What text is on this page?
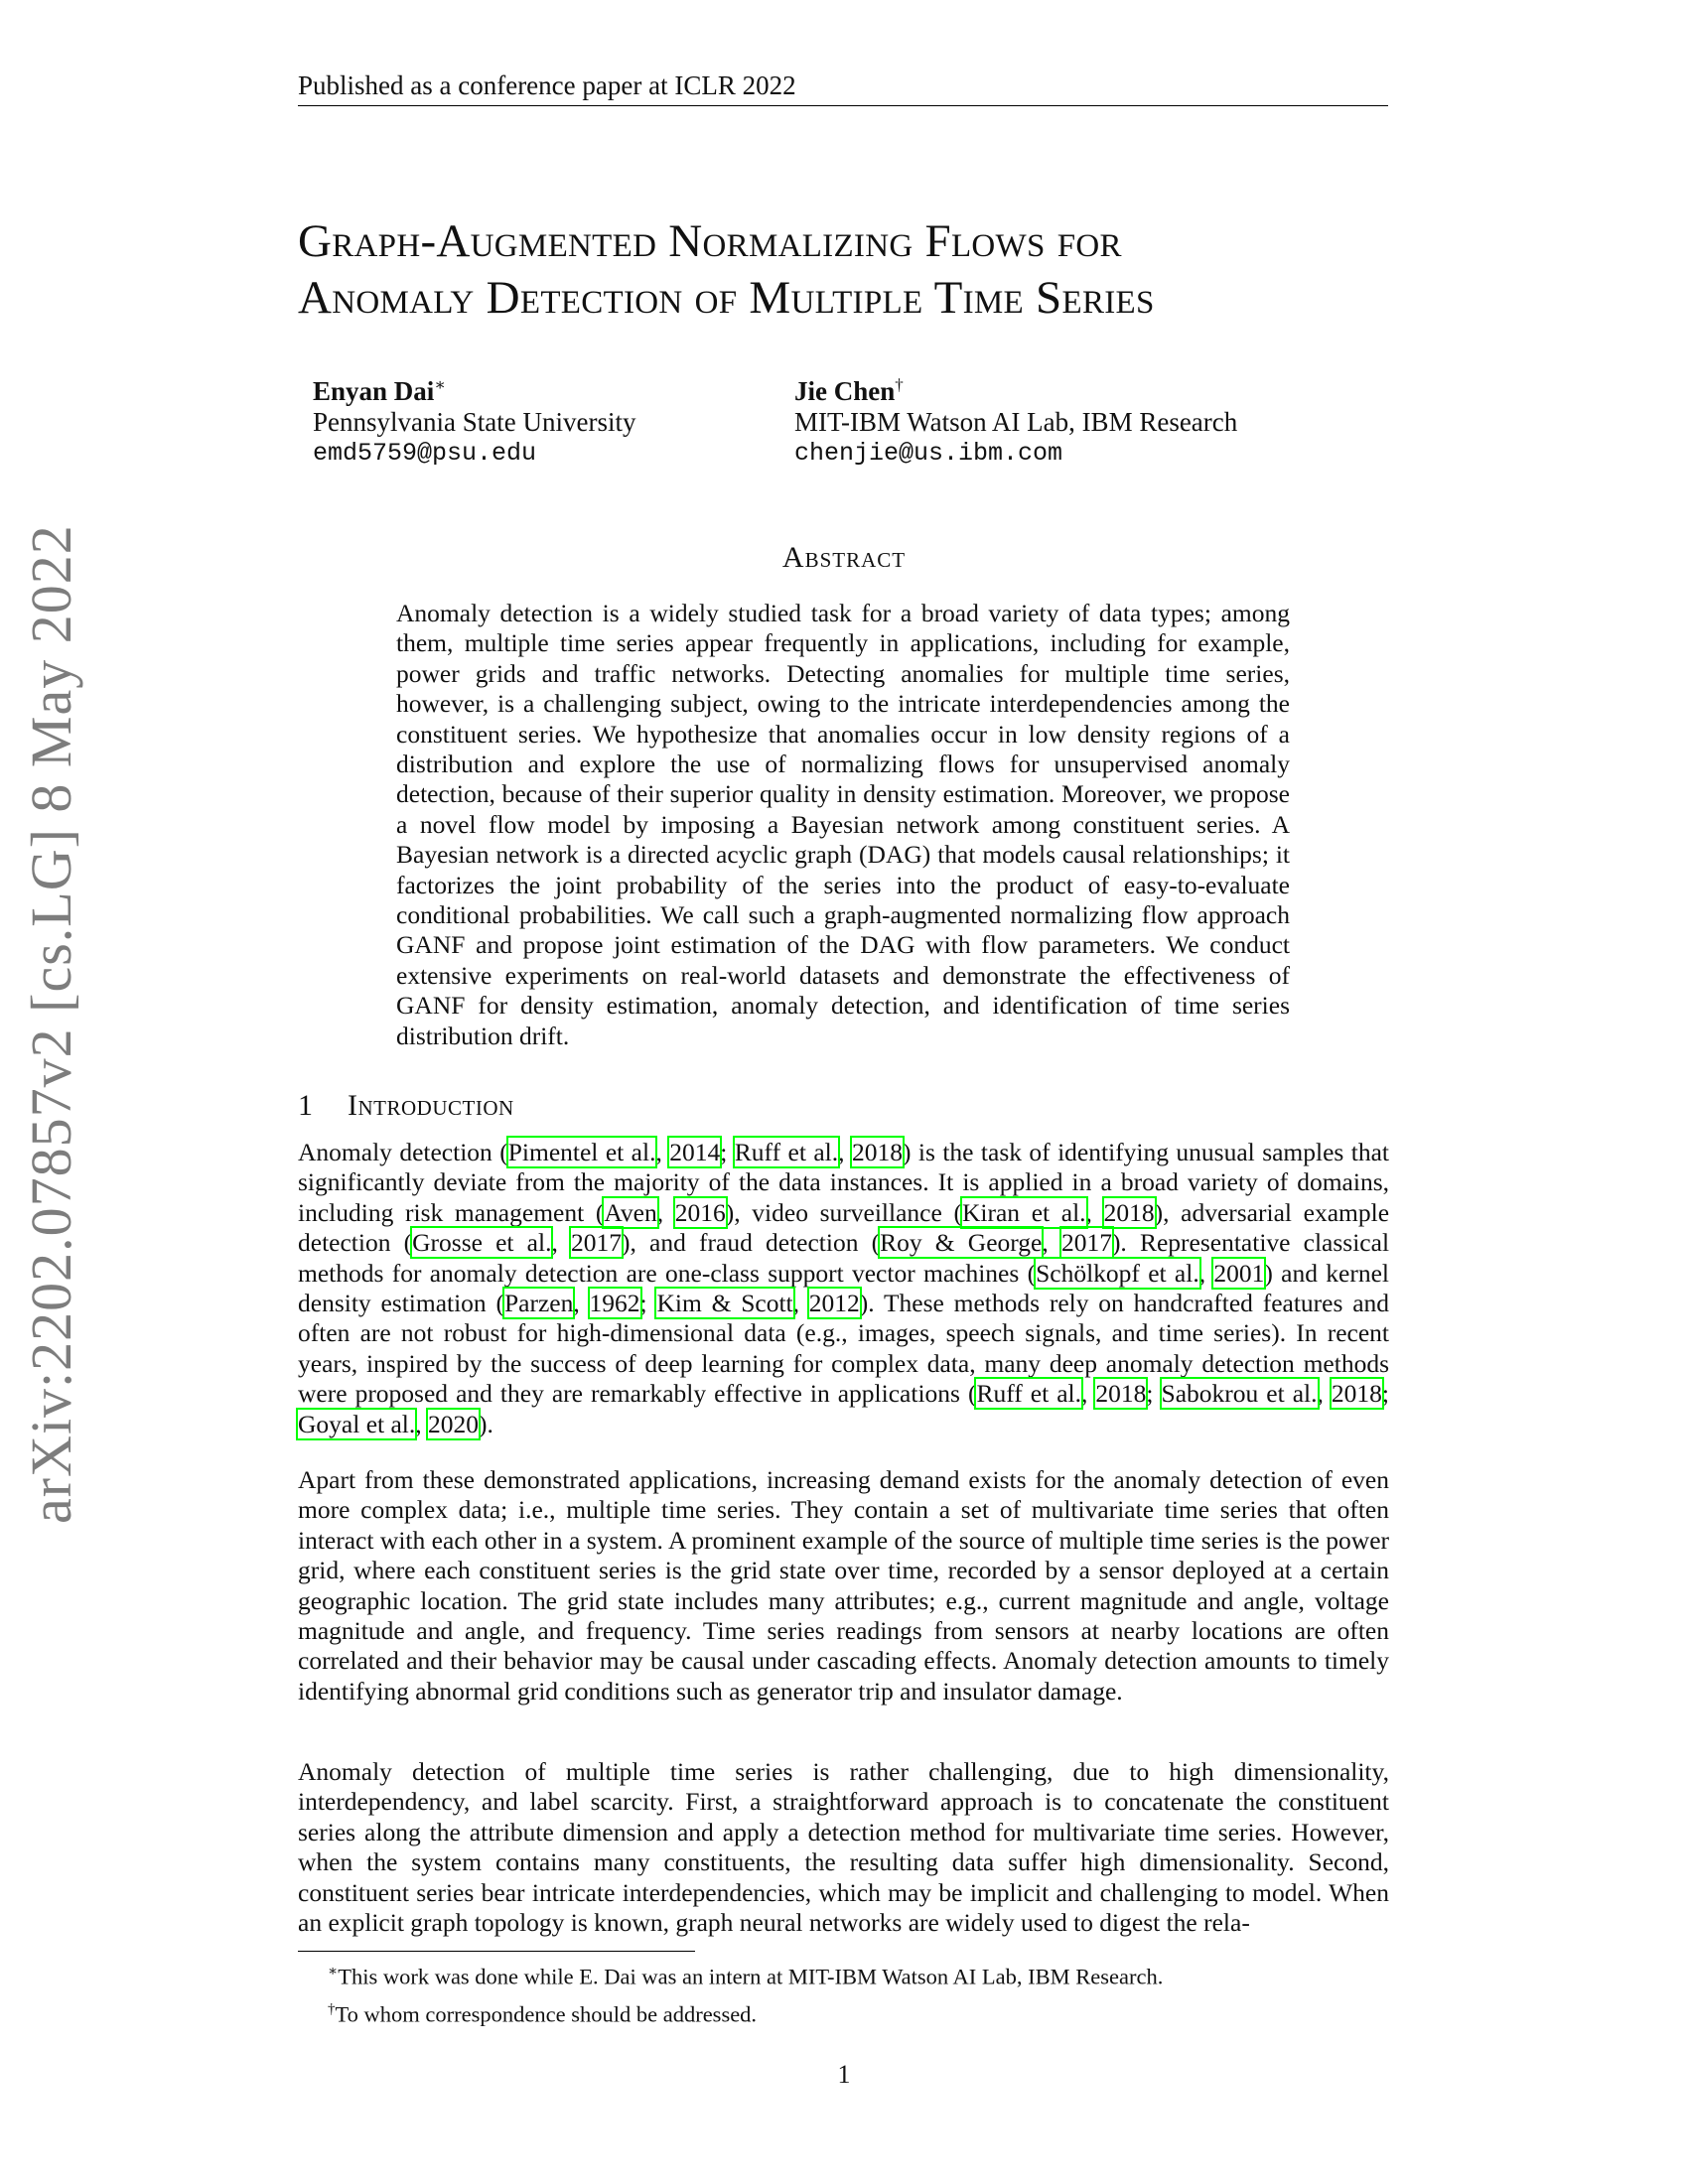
Published as a conference paper at ICLR 2022
Graph-Augmented Normalizing Flows for
Anomaly Detection of Multiple Time Series
Enyan Dai∗
Pennsylvania State University
emd5759@psu.edu
Jie Chen†
MIT-IBM Watson AI Lab, IBM Research
chenjie@us.ibm.com
Abstract
Anomaly detection is a widely studied task for a broad variety of data types; among them, multiple time series appear frequently in applications, including for example, power grids and traffic networks. Detecting anomalies for multiple time series, however, is a challenging subject, owing to the intricate interdependencies among the constituent series. We hypothesize that anomalies occur in low density regions of a distribution and explore the use of normalizing flows for unsupervised anomaly detection, because of their superior quality in density estimation. Moreover, we propose a novel flow model by imposing a Bayesian network among constituent series. A Bayesian network is a directed acyclic graph (DAG) that models causal relationships; it factorizes the joint probability of the series into the product of easy-to-evaluate conditional probabilities. We call such a graph-augmented normalizing flow approach GANF and propose joint estimation of the DAG with flow parameters. We conduct extensive experiments on real-world datasets and demonstrate the effectiveness of GANF for density estimation, anomaly detection, and identification of time series distribution drift.
1 Introduction
Anomaly detection (Pimentel et al., 2014; Ruff et al., 2018) is the task of identifying unusual samples that significantly deviate from the majority of the data instances. It is applied in a broad variety of domains, including risk management (Aven, 2016), video surveillance (Kiran et al., 2018), adversarial example detection (Grosse et al., 2017), and fraud detection (Roy & George, 2017). Representative classical methods for anomaly detection are one-class support vector machines (Schölkopf et al., 2001) and kernel density estimation (Parzen, 1962; Kim & Scott, 2012). These methods rely on handcrafted features and often are not robust for high-dimensional data (e.g., images, speech signals, and time series). In recent years, inspired by the success of deep learning for complex data, many deep anomaly detection methods were proposed and they are remarkably effective in applications (Ruff et al., 2018; Sabokrou et al., 2018; Goyal et al., 2020).
Apart from these demonstrated applications, increasing demand exists for the anomaly detection of even more complex data; i.e., multiple time series. They contain a set of multivariate time series that often interact with each other in a system. A prominent example of the source of multiple time series is the power grid, where each constituent series is the grid state over time, recorded by a sensor deployed at a certain geographic location. The grid state includes many attributes; e.g., current magnitude and angle, voltage magnitude and angle, and frequency. Time series readings from sensors at nearby locations are often correlated and their behavior may be causal under cascading effects. Anomaly detection amounts to timely identifying abnormal grid conditions such as generator trip and insulator damage.
Anomaly detection of multiple time series is rather challenging, due to high dimensionality, interdependency, and label scarcity. First, a straightforward approach is to concatenate the constituent series along the attribute dimension and apply a detection method for multivariate time series. However, when the system contains many constituents, the resulting data suffer high dimensionality. Second, constituent series bear intricate interdependencies, which may be implicit and challenging to model. When an explicit graph topology is known, graph neural networks are widely used to digest the rela-
∗This work was done while E. Dai was an intern at MIT-IBM Watson AI Lab, IBM Research.
†To whom correspondence should be addressed.
1
arXiv:2202.07857v2 [cs.LG] 8 May 2022
